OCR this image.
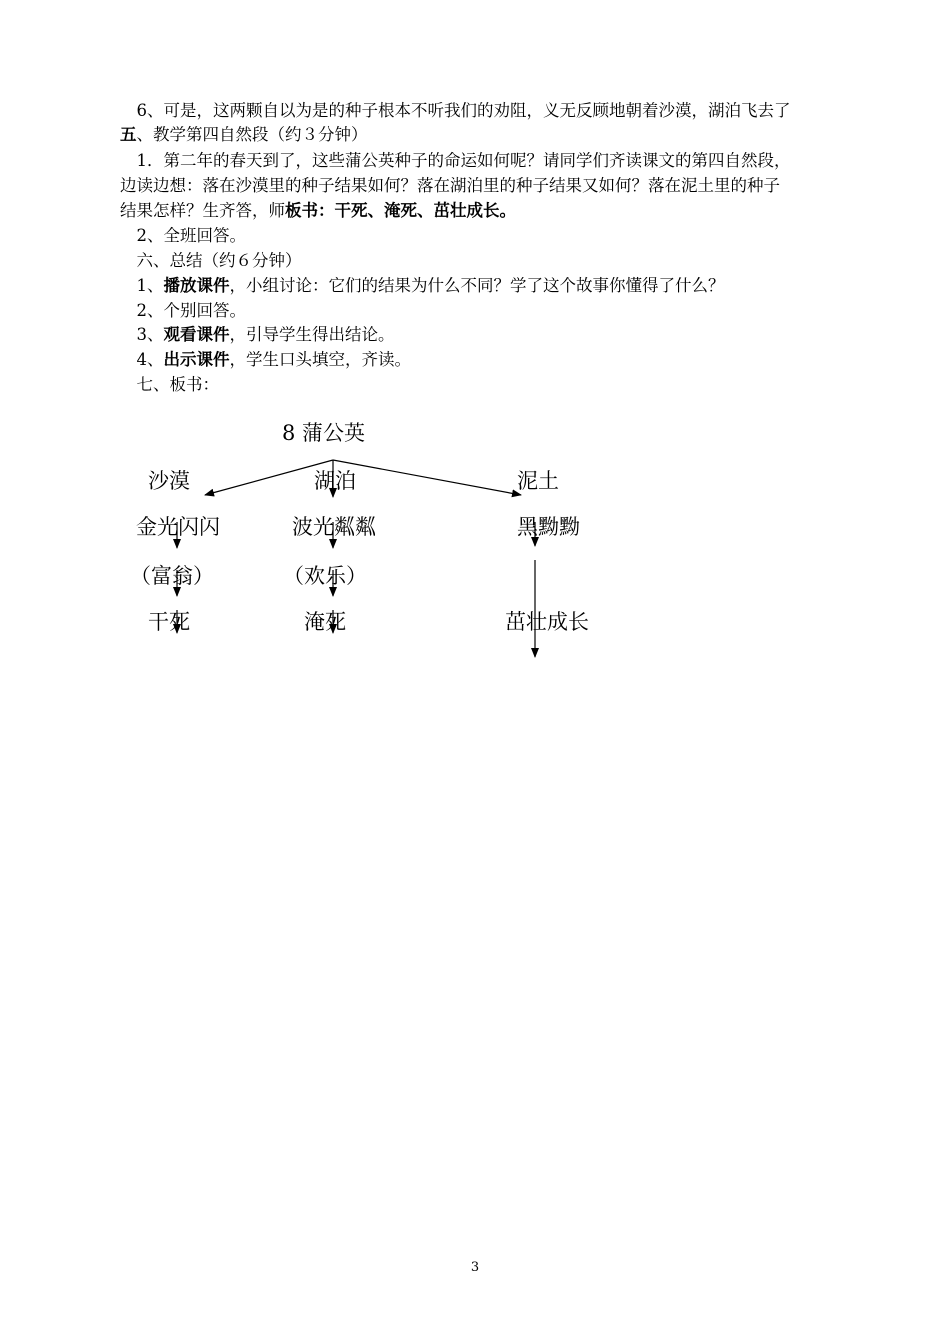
 6、可是，这两颗自以为是的种子根本不听我们的劝阻，义无反顾地朝着沙漠，湖泊飞去了
五、教学第四自然段（约３分钟）
 1．第二年的春天到了，这些蒲公英种子的命运如何呢？请同学们齐读课文的第四自然段，
边读边想：落在沙漠里的种子结果如何？落在湖泊里的种子结果又如何？落在泥土里的种子
结果怎样？生齐答，师板书：干死、淹死、茁壮成长。
 2、全班回答。
 六、总结（约６分钟）
 1、播放课件，小组讨论：它们的结果为什么不同？学了这个故事你懂得了什么？
 2、个别回答。
 3、观看课件，引导学生得出结论。
 4、出示课件，学生口头填空，齐读。
 七、板书：
8 蒲公英
沙漠
金光闪闪
（富翁）
干死
湖泊
波光粼粼
（欢乐）
淹死
泥土
黑黝黝
茁壮成长
3
